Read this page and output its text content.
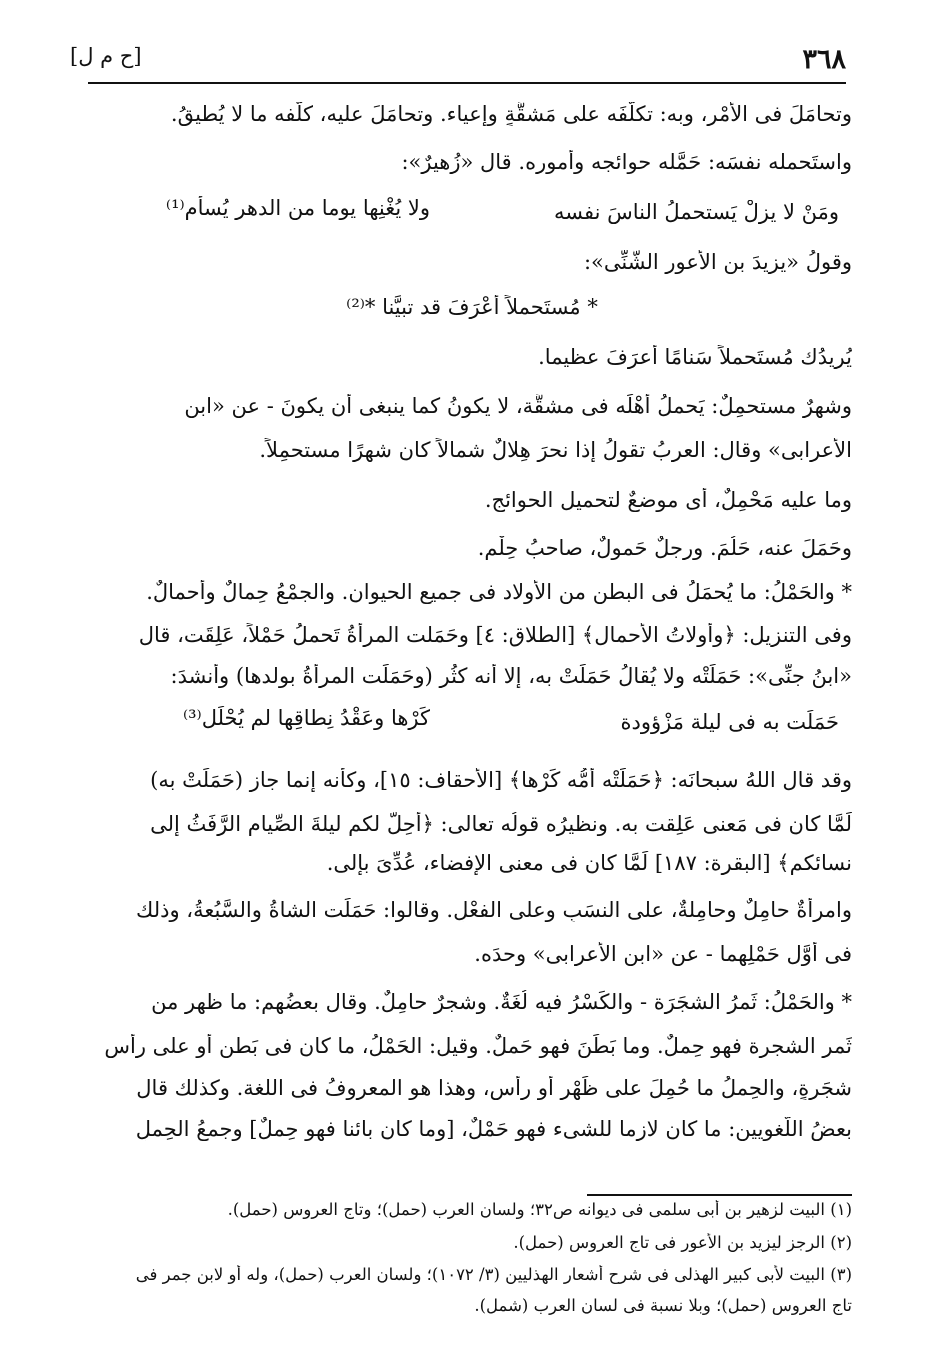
٣٦٨
[ح م ل]
وتحامَلَ فى الأمْرِ، وبه: تكلَّفَه على مَشقَّةٍ وإعياء. وتحامَلَ عليه، كلَّفه ما لا يُطيقُ.
واستَحمله نفسَه: حَمَّله حوائجه وأموره. قال «زُهيرٌ»:
ومَنْ لا يزلْ يَستحملُ الناسَ نفسه
ولا يُغْنِها يوما من الدهرِ يُسأَمِ⁽¹⁾
وقولُ «يزيدَ بنِ الأعورِ الشَّنِّى»:
* مُستَحملاً أعْرَفَ قد تبيَّنا *⁽²⁾
يُريدُك مُستَحملاً سَنامًا أعرَفَ عظيما.
وشهرٌ مستحمِلٌ: يَحملُ أهْلَه فى مشقَّة، لا يكونُ كما ينبغى أن يكونَ - عن «ابن
الأعرابى» وقال: العربُ تقولُ إذا نحرَ هِلالٌ شمالاً كان شهرًا مستحمِلاً.
وما عليه مَحْمِلٌ، أى موضعٌ لتحميلِ الحوائجِ.
وحَمَلَ عنه، حَلُمَ. ورجلٌ حَمولٌ، صاحبُ حِلْمٍ.
* والحَمْلُ: ما يُحمَلُ فى البطنِ من الأولاد فى جميعِ الحيوان. والجمْعُ حِمالٌ وأحمالٌ.
وفى التنزيل: ﴿وأُولاتُ الأحمالِ﴾ [الطلاق: ٤] وحَمَلت المرأةُ تَحملُ حَمْلاً، عَلِقَت، قال
«ابنُ جنِّى»: حَمَلَتْه ولا يُقالُ حَمَلَتْ به، إلا أنه كثُر (وحَمَلَت المرأةُ بولدها) وأنشدَ:
حَمَلَت به فى ليلة مَزْؤودة
كَرْها وعَقْدُ نِطاقِها لم يُحْلَلِ⁽³⁾
وقد قال اللهُ سبحانَه: ﴿حَمَلَتْه أمُّه كَرْها﴾ [الأحقاف: ١٥]، وكأنه إنما جاز (حَمَلَتْ به)
لَمَّا كان فى مَعنى عَلِقت به. ونظيرُه قولُه تعالى: ﴿أُحِلَّ لكم ليلةَ الصِّيامِ الرَّفَثُ إلى
نسائكم﴾ [البقرة: ١٨٧] لَمَّا كان فى معنى الإفضاء، عُدِّىَ بإلى.
وامرأةٌ حامِلٌ وحامِلةٌ، على النسَبِ وعلى الفعْلِ. وقالوا: حَمَلَت الشاةُ والسَّبُعةُ، وذلك
فى أوَّلِ حَمْلِهما - عن «ابنِ الأعرابى» وحدَه.
* والحَمْلُ: ثَمرُ الشجَرَة - والكَسْرُ فيه لُغَةٌ. وشجرٌ حامِلٌ. وقال بعضُهم: ما ظهر من
ثَمرِ الشجرة فهو حِملٌ. وما بَطَنَ فهو حَملٌ. وقيل: الحَمْلُ، ما كان فى بَطنٍ أو على رأسِ
شجَرةٍ، والحِملُ ما حُمِلَ على ظَهْرٍ أو رأسٍ، وهذا هو المعروفُ فى اللغة. وكذلك قال
بعضُ اللُّغويين: ما كان لازما للشىء فهو حَمْلٌ، [وما كان بائنا فهو حِملٌ] وجمعُ الحِملِ
(١) البيت لزهير بن أبى سلمى فى ديوانه ص٣٢؛ ولسان العرب (حمل)؛ وتاج العروس (حمل).
(٢) الرجز ليزيد بن الأعور فى تاج العروس (حمل).
(٣) البيت لأبى كبير الهذلى فى شرح أشعار الهذليين (٣/ ١٠٧٢)؛ ولسان العرب (حمل)، وله أو لابن جمر فى
تاج العروس (حمل)؛ وبلا نسبة فى لسان العرب (شمل).
